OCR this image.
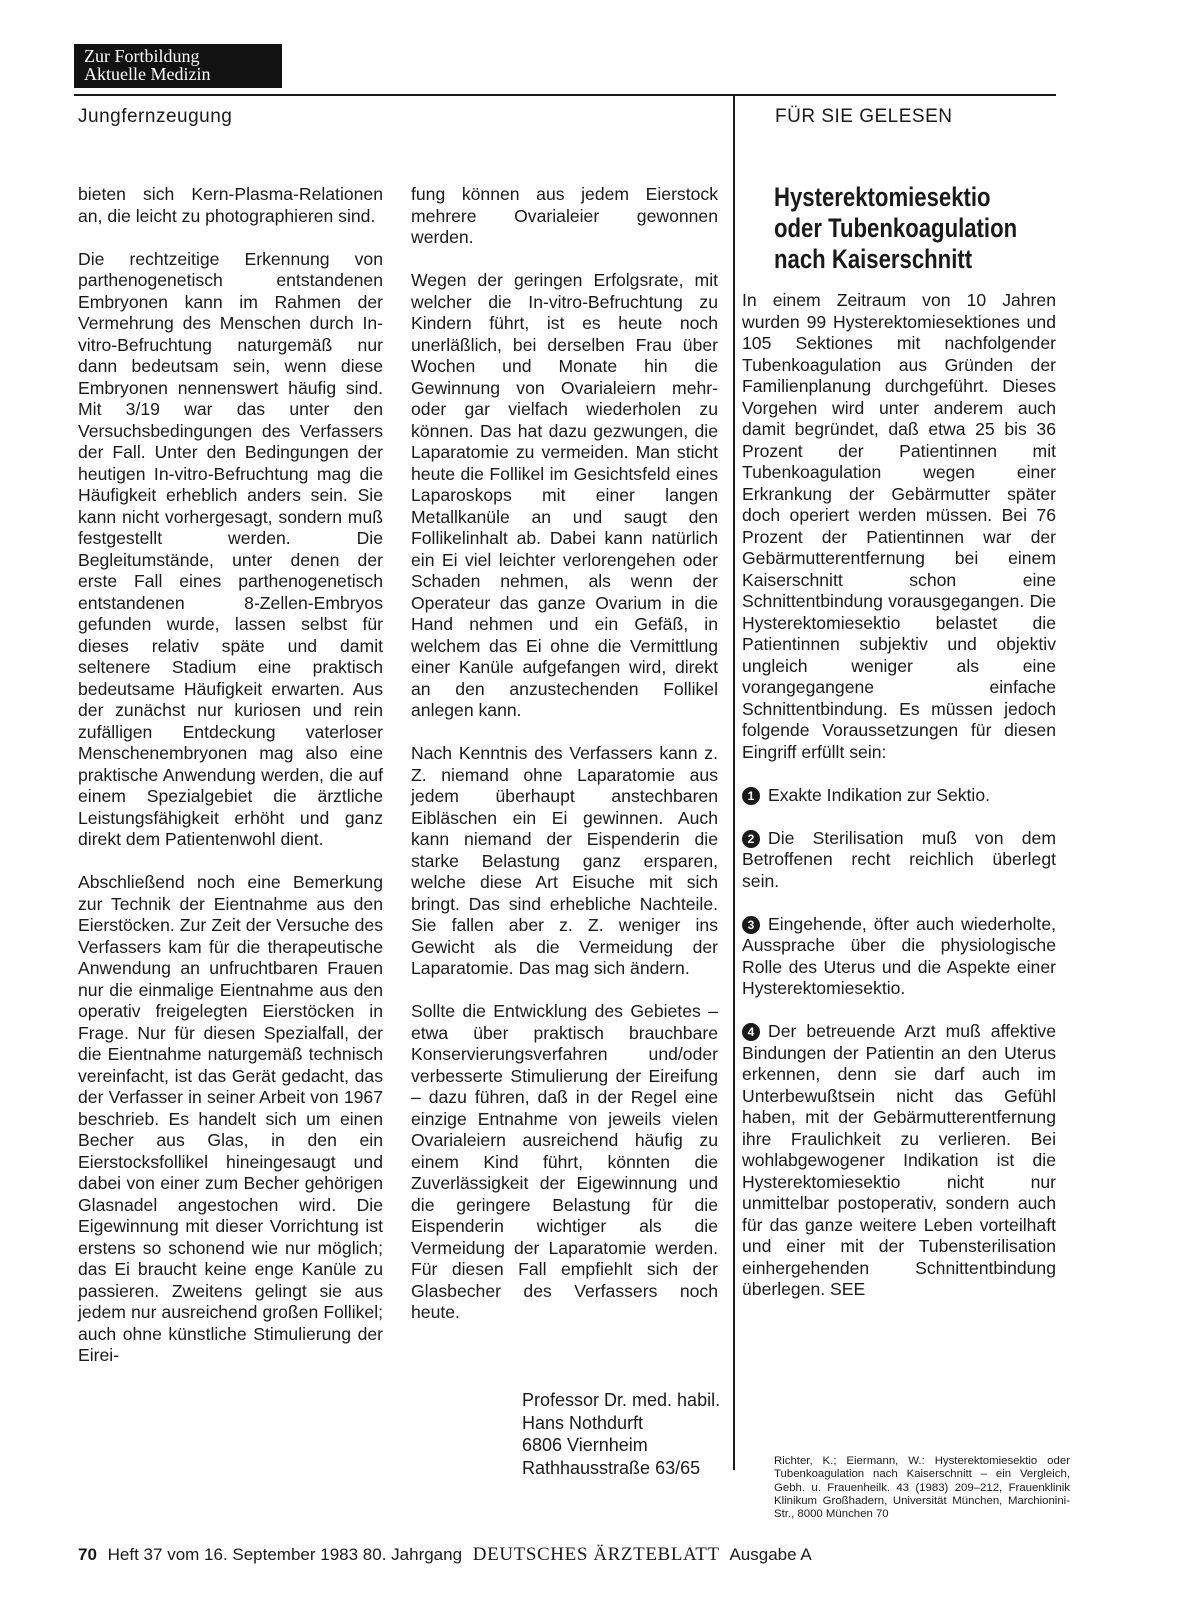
Zur Fortbildung
Aktuelle Medizin
Jungfernzeugung	FÜR SIE GELESEN

bieten sich Kern-Plasma-Relationen an, die leicht zu photographieren sind.

Die rechtzeitige Erkennung von parthenogenetisch entstandenen Embryonen kann im Rahmen der Vermehrung des Menschen durch In-vitro-Befruchtung naturgemäß nur dann bedeutsam sein, wenn diese Embryonen nennenswert häufig sind. Mit 3/19 war das unter den Versuchsbedingungen des Verfassers der Fall. Unter den Bedingungen der heutigen In-vitro-Befruchtung mag die Häufigkeit erheblich anders sein. Sie kann nicht vorhergesagt, sondern muß festgestellt werden. Die Begleitumstände, unter denen der erste Fall eines parthenogenetisch entstandenen 8-Zellen-Embryos gefunden wurde, lassen selbst für dieses relativ späte und damit seltenere Stadium eine praktisch bedeutsame Häufigkeit erwarten. Aus der zunächst nur kuriosen und rein zufälligen Entdeckung vaterloser Menschenembryonen mag also eine praktische Anwendung werden, die auf einem Spezialgebiet die ärztliche Leistungsfähigkeit erhöht und ganz direkt dem Patientenwohl dient.

Abschließend noch eine Bemerkung zur Technik der Eientnahme aus den Eierstöcken. Zur Zeit der Versuche des Verfassers kam für die therapeutische Anwendung an unfruchtbaren Frauen nur die einmalige Eientnahme aus den operativ freigelegten Eierstöcken in Frage. Nur für diesen Spezialfall, der die Eientnahme naturgemäß technisch vereinfacht, ist das Gerät gedacht, das der Verfasser in seiner Arbeit von 1967 beschrieb. Es handelt sich um einen Becher aus Glas, in den ein Eierstocksfollikel hineingesaugt und dabei von einer zum Becher gehörigen Glasnadel angestochen wird. Die Eigewinnung mit dieser Vorrichtung ist erstens so schonend wie nur möglich; das Ei braucht keine enge Kanüle zu passieren. Zweitens gelingt sie aus jedem nur ausreichend großen Follikel; auch ohne künstliche Stimulierung der Eirei-

fung können aus jedem Eierstock mehrere Ovarialeier gewonnen werden.

Wegen der geringen Erfolgsrate, mit welcher die In-vitro-Befruchtung zu Kindern führt, ist es heute noch unerläßlich, bei derselben Frau über Wochen und Monate hin die Gewinnung von Ovarialeiern mehr- oder gar vielfach wiederholen zu können. Das hat dazu gezwungen, die Laparatomie zu vermeiden. Man sticht heute die Follikel im Gesichtsfeld eines Laparoskops mit einer langen Metallkanüle an und saugt den Follikelinhalt ab. Dabei kann natürlich ein Ei viel leichter verlorengehen oder Schaden nehmen, als wenn der Operateur das ganze Ovarium in die Hand nehmen und ein Gefäß, in welchem das Ei ohne die Vermittlung einer Kanüle aufgefangen wird, direkt an den anzustechenden Follikel anlegen kann.

Nach Kenntnis des Verfassers kann z. Z. niemand ohne Laparatomie aus jedem überhaupt anstechbaren Eibläschen ein Ei gewinnen. Auch kann niemand der Eispenderin die starke Belastung ganz ersparen, welche diese Art Eisuche mit sich bringt. Das sind erhebliche Nachteile. Sie fallen aber z. Z. weniger ins Gewicht als die Vermeidung der Laparatomie. Das mag sich ändern.

Sollte die Entwicklung des Gebietes – etwa über praktisch brauchbare Konservierungsverfahren und/oder verbesserte Stimulierung der Eireifung – dazu führen, daß in der Regel eine einzige Entnahme von jeweils vielen Ovarialeiern ausreichend häufig zu einem Kind führt, könnten die Zuverlässigkeit der Eigewinnung und die geringere Belastung für die Eispenderin wichtiger als die Vermeidung der Laparatomie werden. Für diesen Fall empfiehlt sich der Glasbecher des Verfassers noch heute.

Professor Dr. med. habil.
Hans Nothdurft
6806 Viernheim
Rathhausstraße 63/65
Hysterektomiesektio
oder Tubenkoagulation
nach Kaiserschnitt

In einem Zeitraum von 10 Jahren wurden 99 Hysterektomiesektiones und 105 Sektiones mit nachfolgender Tubenkoagulation aus Gründen der Familienplanung durchgeführt. Dieses Vorgehen wird unter anderem auch damit begründet, daß etwa 25 bis 36 Prozent der Patientinnen mit Tubenkoagulation wegen einer Erkrankung der Gebärmutter später doch operiert werden müssen. Bei 76 Prozent der Patientinnen war der Gebärmutterentfernung bei einem Kaiserschnitt schon eine Schnittentbindung vorausgegangen. Die Hysterektomiesektio belastet die Patientinnen subjektiv und objektiv ungleich weniger als eine vorangegangene einfache Schnittentbindung. Es müssen jedoch folgende Voraussetzungen für diesen Eingriff erfüllt sein:

1 Exakte Indikation zur Sektio.

2 Die Sterilisation muß von dem Betroffenen recht reichlich überlegt sein.

3 Eingehende, öfter auch wiederholte, Aussprache über die physiologische Rolle des Uterus und die Aspekte einer Hysterektomiesektio.

4 Der betreuende Arzt muß affektive Bindungen der Patientin an den Uterus erkennen, denn sie darf auch im Unterbewußtsein nicht das Gefühl haben, mit der Gebärmutterentfernung ihre Fraulichkeit zu verlieren. Bei wohlabgewogener Indikation ist die Hysterektomiesektio nicht nur unmittelbar postoperativ, sondern auch für das ganze weitere Leben vorteilhaft und einer mit der Tubensterilisation einhergehenden Schnittentbindung überlegen. SEE

Richter, K.; Eiermann, W.: Hysterektomiesektio oder Tubenkoagulation nach Kaiserschnitt – ein Vergleich, Gebh. u. Frauenheilk. 43 (1983) 209–212, Frauenklinik Klinikum Großhadern, Universität München, Marchionini-Str., 8000 München 70
70 Heft 37 vom 16. September 1983 80. Jahrgang DEUTSCHES ÄRZTEBLATT Ausgabe A
